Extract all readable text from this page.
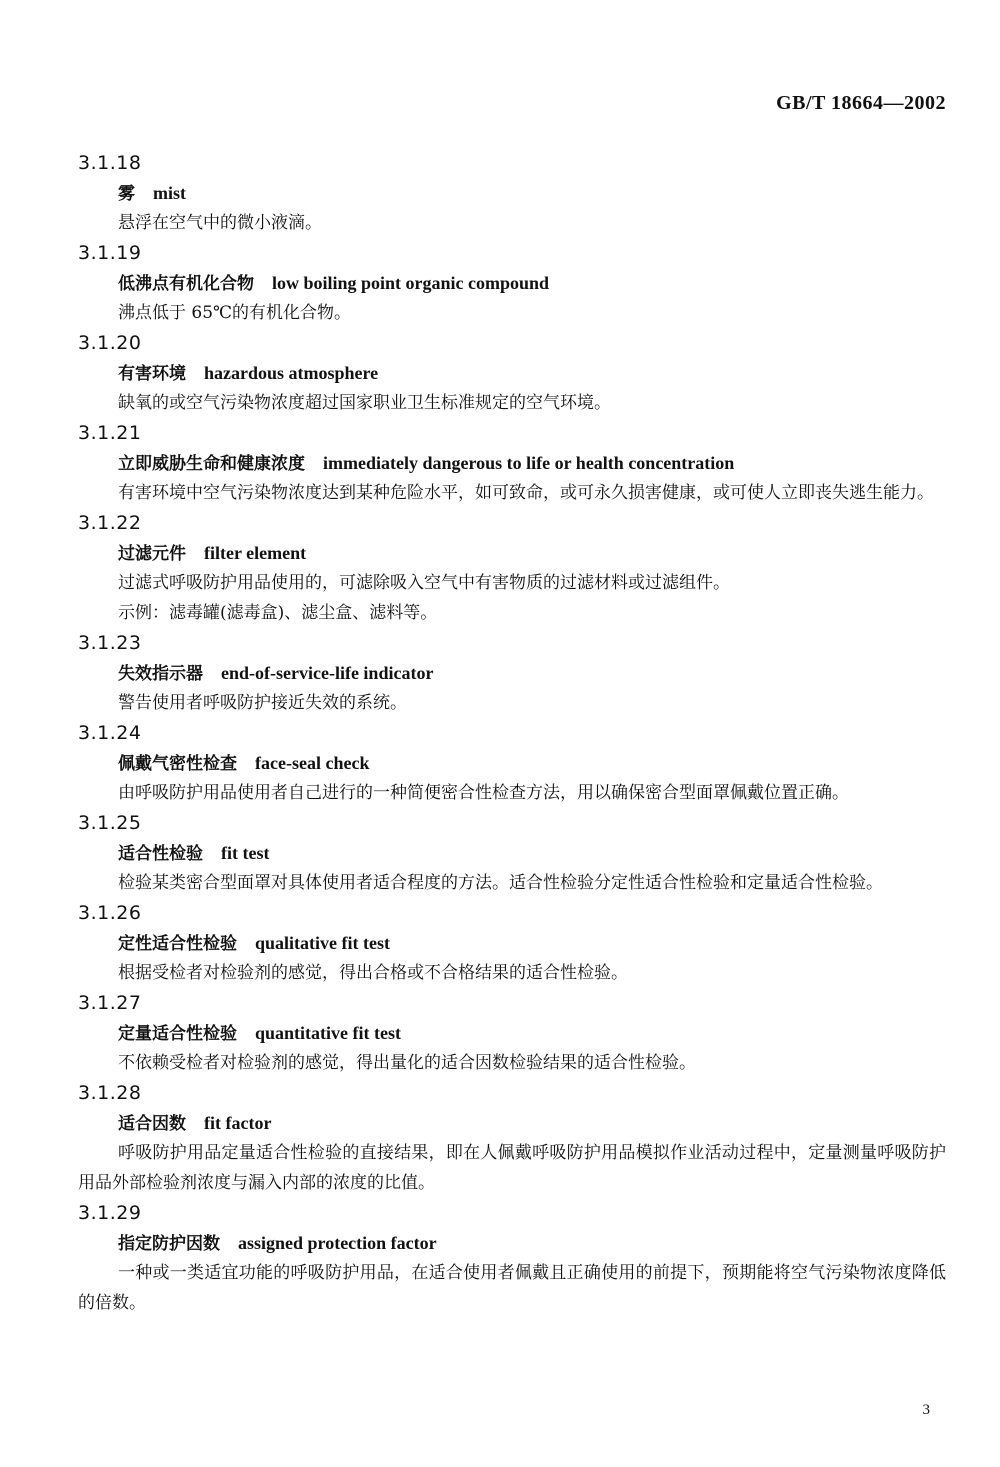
GB/T 18664—2002
3.1.18
雾 mist

悬浮在空气中的微小液滴。

3.1.19
低沸点有机化合物 low boiling point organic compound

沸点低于 65℃的有机化合物。

3.1.20
有害环境 hazardous atmosphere

缺氧的或空气污染物浓度超过国家职业卫生标准规定的空气环境。

3.1.21
立即威胁生命和健康浓度 immediately dangerous to life or health concentration

有害环境中空气污染物浓度达到某种危险水平，如可致命，或可永久损害健康，或可使人立即丧失逃生能力。

3.1.22
过滤元件 filter element

过滤式呼吸防护用品使用的，可滤除吸入空气中有害物质的过滤材料或过滤组件。

示例：滤毒罐(滤毒盒)、滤尘盒、滤料等。

3.1.23
失效指示器 end-of-service-life indicator

警告使用者呼吸防护接近失效的系统。

3.1.24
佩戴气密性检查 face-seal check

由呼吸防护用品使用者自己进行的一种简便密合性检查方法，用以确保密合型面罩佩戴位置正确。

3.1.25
适合性检验 fit test

检验某类密合型面罩对具体使用者适合程度的方法。适合性检验分定性适合性检验和定量适合性检验。

3.1.26
定性适合性检验 qualitative fit test

根据受检者对检验剂的感觉，得出合格或不合格结果的适合性检验。

3.1.27
定量适合性检验 quantitative fit test

不依赖受检者对检验剂的感觉，得出量化的适合因数检验结果的适合性检验。

3.1.28
适合因数 fit factor

呼吸防护用品定量适合性检验的直接结果，即在人佩戴呼吸防护用品模拟作业活动过程中，定量测量呼吸防护用品外部检验剂浓度与漏入内部的浓度的比值。

3.1.29
指定防护因数 assigned protection factor

一种或一类适宜功能的呼吸防护用品，在适合使用者佩戴且正确使用的前提下，预期能将空气污染物浓度降低的倍数。

3
